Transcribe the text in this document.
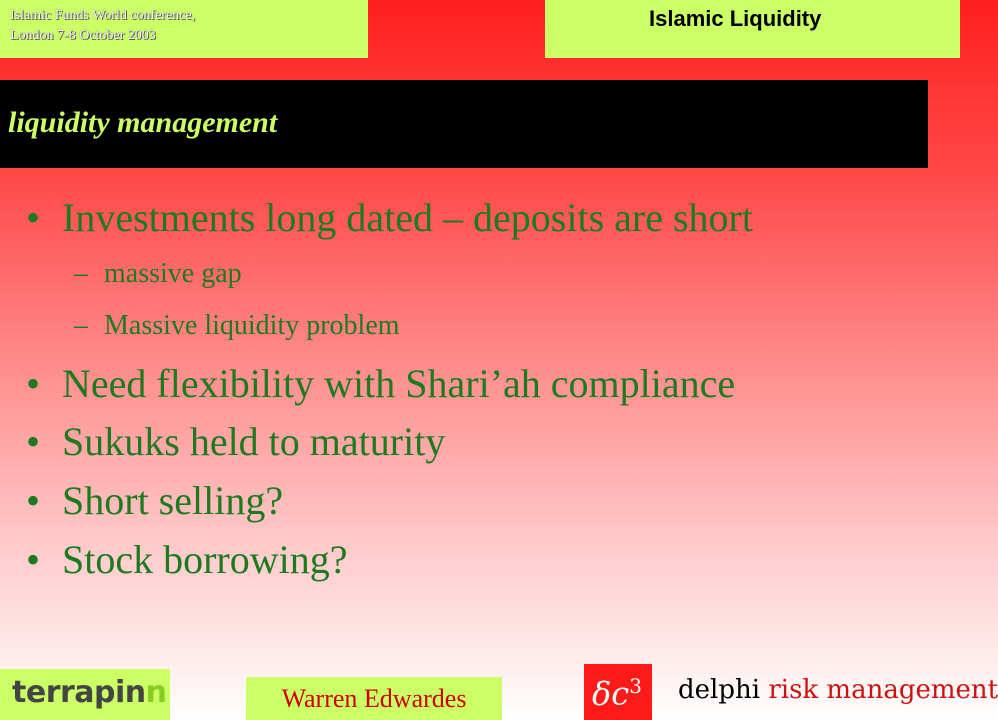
Islamic Funds World conference,
London 7-8 October 2003
Islamic Liquidity
liquidity management
• Investments long dated – deposits are short
– massive gap
– Massive liquidity problem
• Need flexibility with Shari’ah compliance
• Sukuks held to maturity
• Short selling?
• Stock borrowing?
terrapinn	Warren Edwardes	$\delta c^3$ delphi risk management
